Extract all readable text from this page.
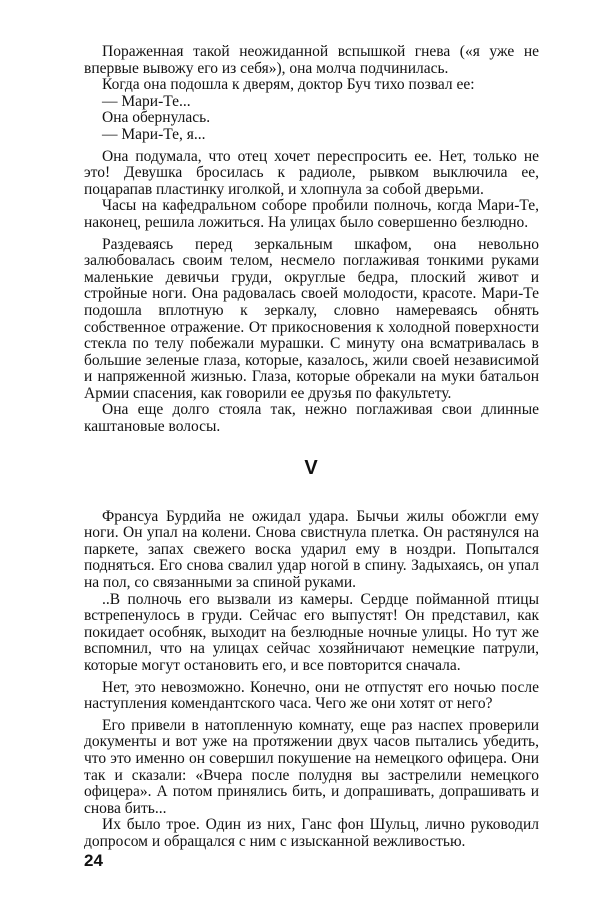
Пораженная такой неожиданной вспышкой гнева («я уже не впервые вывожу его из себя»), она молча подчинилась.

Когда она подошла к дверям, доктор Буч тихо позвал ее:

— Мари-Те...

Она обернулась.

— Мари-Те, я...

Она подумала, что отец хочет переспросить ее. Нет, только не это! Девушка бросилась к радиоле, рывком выключила ее, поцарапав пластинку иголкой, и хлопнула за собой дверьми.

Часы на кафедральном соборе пробили полночь, когда Мари-Те, наконец, решила ложиться. На улицах было совершенно безлюдно.

Раздеваясь перед зеркальным шкафом, она невольно залюбовалась своим телом, несмело поглаживая тонкими руками маленькие девичьи груди, округлые бедра, плоский живот и стройные ноги. Она радовалась своей молодости, красоте. Мари-Те подошла вплотную к зеркалу, словно намереваясь обнять собственное отражение. От прикосновения к холодной поверхности стекла по телу побежали мурашки. С минуту она всматривалась в большие зеленые глаза, которые, казалось, жили своей независимой и напряженной жизнью. Глаза, которые обрекали на муки батальон Армии спасения, как говорили ее друзья по факультету.

Она еще долго стояла так, нежно поглаживая свои длинные каштановые волосы.

V

Франсуа Бурдийа не ожидал удара. Бычьи жилы обожгли ему ноги. Он упал на колени. Снова свистнула плетка. Он растянулся на паркете, запах свежего воска ударил ему в ноздри. Попытался подняться. Его снова свалил удар ногой в спину. Задыхаясь, он упал на пол, со связанными за спиной руками.

..В полночь его вызвали из камеры. Сердце пойманной птицы встрепенулось в груди. Сейчас его выпустят! Он представил, как покидает особняк, выходит на безлюдные ночные улицы. Но тут же вспомнил, что на улицах сейчас хозяйничают немецкие патрули, которые могут остановить его, и все повторится сначала.

Нет, это невозможно. Конечно, они не отпустят его ночью после наступления комендантского часа. Чего же они хотят от него?

Его привели в натопленную комнату, еще раз наспех проверили документы и вот уже на протяжении двух часов пытались убедить, что это именно он совершил покушение на немецкого офицера. Они так и сказали: «Вчера после полудня вы застрелили немецкого офицера». А потом принялись бить, и допрашивать, допрашивать и снова бить...

Их было трое. Один из них, Ганс фон Шульц, лично руководил допросом и обращался с ним с изысканной вежливостью.

24
